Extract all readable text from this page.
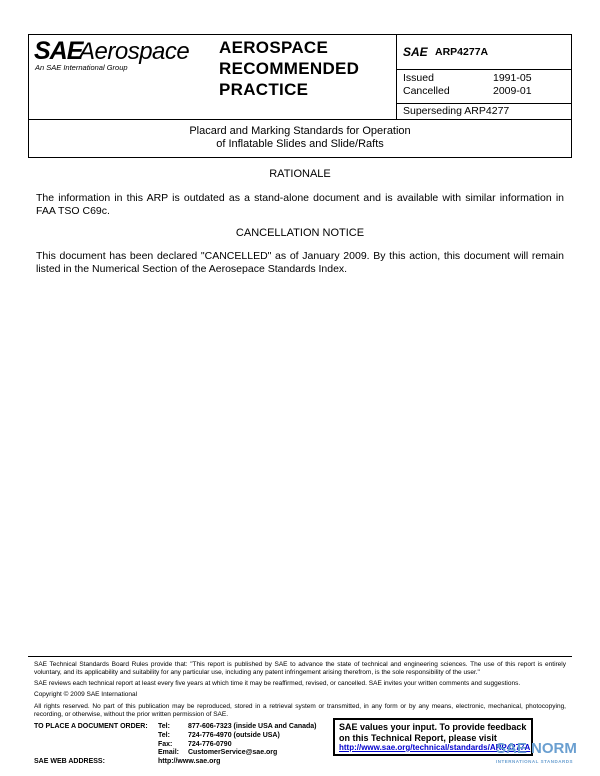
SAE
Aerospace
An SAE International Group
AEROSPACE
RECOMMENDED
PRACTICE
SAE ARP4277A
Issued	1991-05
Cancelled	2009-01
Superseding ARP4277
Placard and Marking Standards for Operation
of Inflatable Slides and Slide/Rafts
RATIONALE
The information in this ARP is outdated as a stand-alone document and is available with similar information in FAA TSO C69c.
CANCELLATION NOTICE
This document has been declared "CANCELLED" as of January 2009. By this action, this document will remain listed in the Numerical Section of the Aerosepace Standards Index.
SAE Technical Standards Board Rules provide that: "This report is published by SAE to advance the state of technical and engineering sciences. The use of this report is entirely voluntary, and its applicability and suitability for any particular use, including any patent infringement arising therefrom, is the sole responsibility of the user."
SAE reviews each technical report at least every five years at which time it may be reaffirmed, revised, or cancelled. SAE invites your written comments and suggestions.
Copyright © 2009 SAE International
All rights reserved. No part of this publication may be reproduced, stored in a retrieval system or transmitted, in any form or by any means, electronic, mechanical, photocopying, recording, or otherwise, without the prior written permission of SAE.
TO PLACE A DOCUMENT ORDER: Tel:	877-606-7323 (inside USA and Canada)
Tel:	724-776-4970 (outside USA)
Fax: 724-776-0790
Email: CustomerService@sae.org
SAE WEB ADDRESS:	http://www.sae.org
SAE values your input. To provide feedback
on this Technical Report, please visit
http://www.sae.org/technical/standards/ARP4277A
SAE NORM
INTERNATIONAL STANDARDS
